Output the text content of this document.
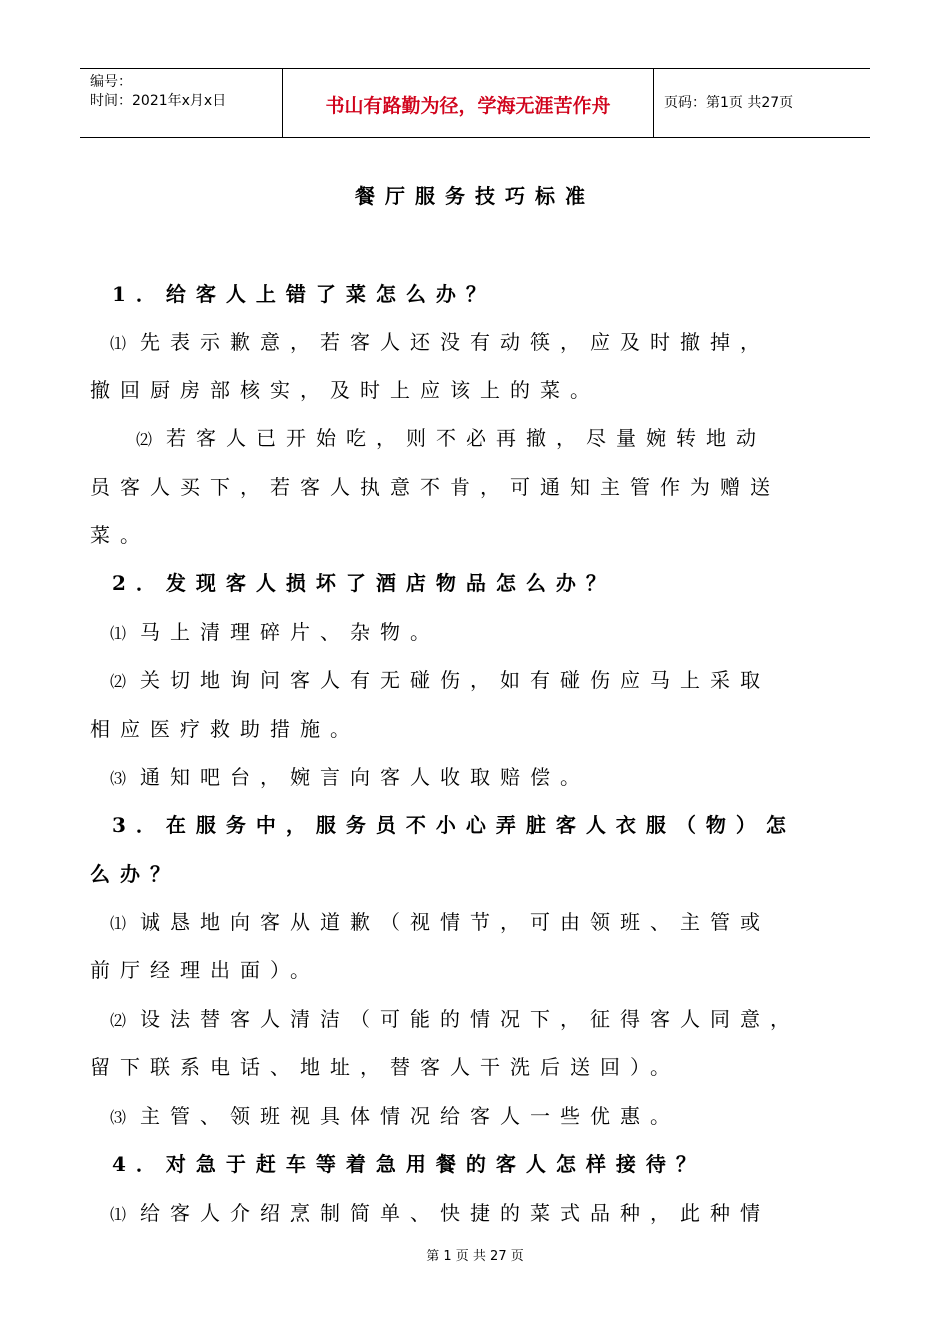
编号：
时间：2021年x月x日	书山有路勤为径，学海无涯苦作舟	页码：第1页 共27页
餐厅服务技巧标准
1．给客人上错了菜怎么办？
⑴ 先表示歉意，若客人还没有动筷，应及时撤掉，
撤回厨房部核实，及时上应该上的菜。
⑵ 若客人已开始吃，则不必再撤，尽量婉转地动
员客人买下，若客人执意不肯，可通知主管作为赠送
菜。
2．发现客人损坏了酒店物品怎么办？
⑴ 马上清理碎片、杂物。
⑵ 关切地询问客人有无碰伤，如有碰伤应马上采取
相应医疗救助措施。
⑶ 通知吧台，婉言向客人收取赔偿。
3．在服务中，服务员不小心弄脏客人衣服（物）怎
么办？
⑴ 诚恳地向客从道歉（视情节，可由领班、主管或
前厅经理出面）。
⑵ 设法替客人清洁（可能的情况下，征得客人同意，
留下联系电话、地址，替客人干洗后送回）。
⑶ 主管、领班视具体情况给客人一些优惠。
4．对急于赶车等着急用餐的客人怎样接待？
⑴ 给客人介绍烹制简单、快捷的菜式品种，此种情
第 1 页 共 27 页
